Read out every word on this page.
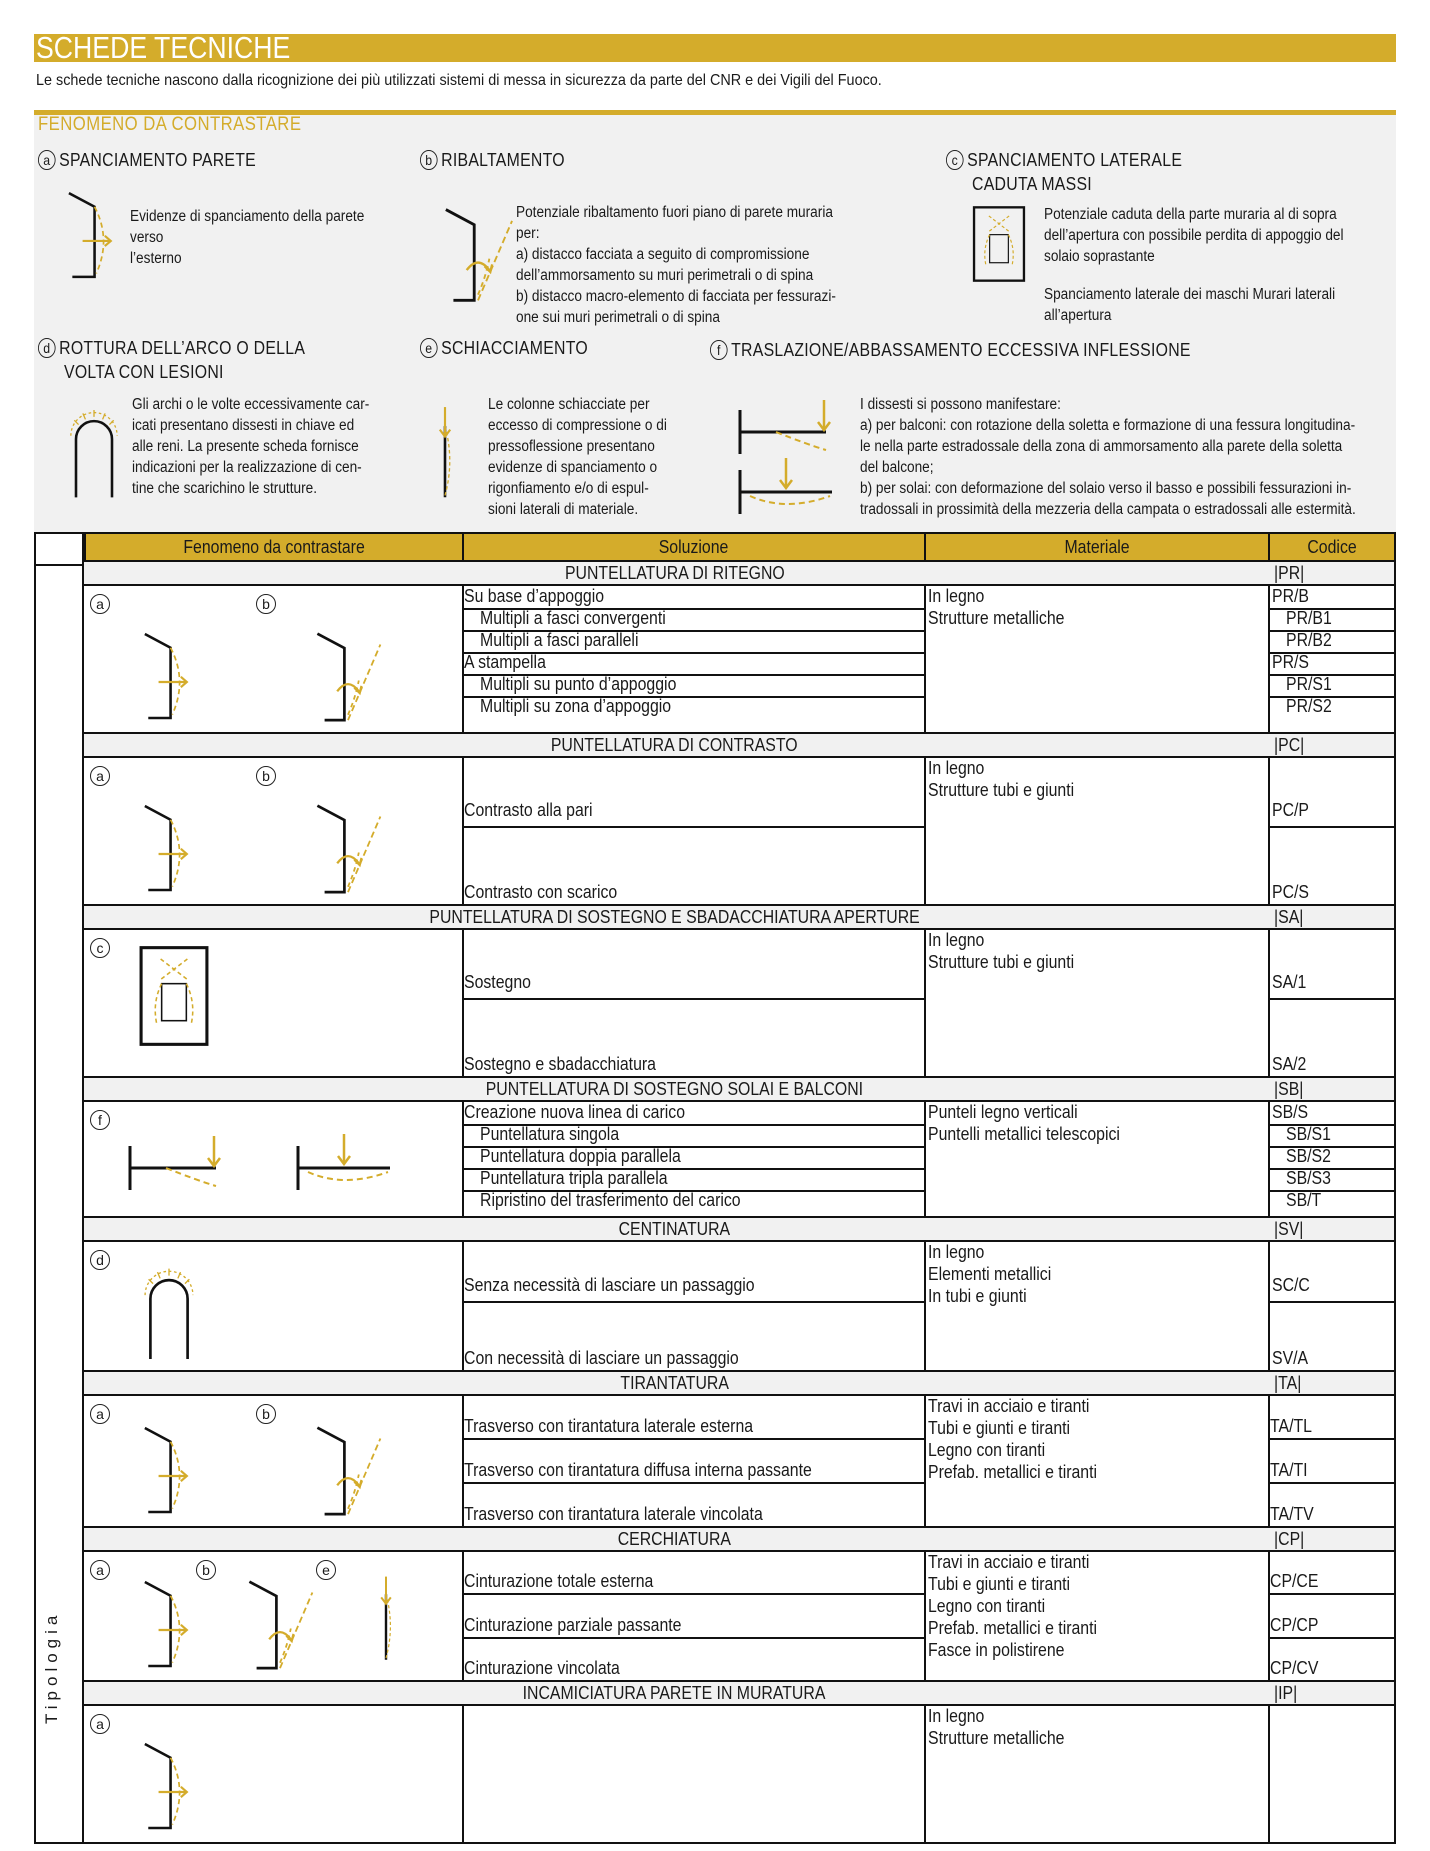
SCHEDE TECNICHE
Le schede tecniche nascono dalla ricognizione dei più utilizzati sistemi di messa in sicurezza da parte del CNR e dei Vigili del Fuoco.
FENOMENO DA CONTRASTARE
a SPANCIAMENTO PARETE
Evidenze di spanciamento della parete
verso
l’esterno
b RIBALTAMENTO
Potenziale ribaltamento fuori piano di parete muraria
per:
a) distacco facciata a seguito di compromissione
dell’ammorsamento su muri perimetrali o di spina
b) distacco macro-elemento di facciata per fessurazi-
one sui muri perimetrali o di spina
c SPANCIAMENTO LATERALE
CADUTA MASSI
Potenziale caduta della parte muraria al di sopra
dell’apertura con possibile perdita di appoggio del
solaio soprastante
Spanciamento laterale dei maschi Murari laterali
all’apertura
d ROTTURA DELL’ARCO O DELLA
VOLTA CON LESIONI
Gli archi o le volte eccessivamente car-
icati presentano dissesti in chiave ed
alle reni. La presente scheda fornisce
indicazioni per la realizzazione di cen-
tine che scarichino le strutture.
e SCHIACCIAMENTO
Le colonne schiacciate per
eccesso di compressione o di
pressoflessione presentano
evidenze di spanciamento o
rigonfiamento e/o di espul-
sioni laterali di materiale.
f TRASLAZIONE/ABBASSAMENTO ECCESSIVA INFLESSIONE
I dissesti si possono manifestare:
a) per balconi: con rotazione della soletta e formazione di una fessura longitudina-
le nella parte estradossale della zona di ammorsamento alla parete della soletta
del balcone;
b) per solai: con deformazione del solaio verso il basso e possibili fessurazioni in-
tradossali in prossimità della mezzeria della campata o estradossali alle estermità.
Tipologia
Fenomeno da contrastare	Soluzione	Materiale	Codice
PUNTELLATURA DI RITEGNO	| PR |
a	b	Su base d’appoggio	PR/B
Multipli a fasci convergenti	PR/B1
Multipli a fasci paralleli	PR/B2
A stampella	PR/S
Multipli su punto d’appoggio	PR/S1
Multipli su zona d’appoggio	PR/S2
In legno
Strutture metalliche
PUNTELLATURA DI CONTRASTO	| PC |
a	b
Contrasto alla pari	PC/P
Contrasto con scarico	PC/S
In legno
Strutture tubi e giunti
PUNTELLATURA DI SOSTEGNO E SBADACCHIATURA APERTURE	| SA |
c
Sostegno	SA/1
Sostegno e sbadacchiatura	SA/2
In legno
Strutture tubi e giunti
PUNTELLATURA DI SOSTEGNO SOLAI E BALCONI	| SB |
f	Creazione nuova linea di carico	SB/S
Puntellatura singola	SB/S1
Puntellatura doppia parallela	SB/S2
Puntellatura tripla parallela	SB/S3
Ripristino del trasferimento del carico	SB/T
Punteli legno verticali
Puntelli metallici telescopici
CENTINATURA	| SV |
d
Senza necessità di lasciare un passaggio	SC/C
Con necessità di lasciare un passaggio	SV/A
In legno
Elementi metallici
In tubi e giunti
TIRANTATURA	| TA |
a	b
Trasverso con tirantatura laterale esterna	TA/TL
Trasverso con tirantatura diffusa interna passante	TA/TI
Trasverso con tirantatura laterale vincolata	TA/TV
Travi in acciaio e tiranti
Tubi e giunti e tiranti
Legno con tiranti
Prefab. metallici e tiranti
CERCHIATURA	| CP |
a	b	e
Cinturazione totale esterna	CP/CE
Cinturazione parziale passante	CP/CP
Cinturazione vincolata	CP/CV
Travi in acciaio e tiranti
Tubi e giunti e tiranti
Legno con tiranti
Prefab. metallici e tiranti
Fasce in polistirene
INCAMICIATURA PARETE IN MURATURA	| IP |
a	In legno
Strutture metalliche
